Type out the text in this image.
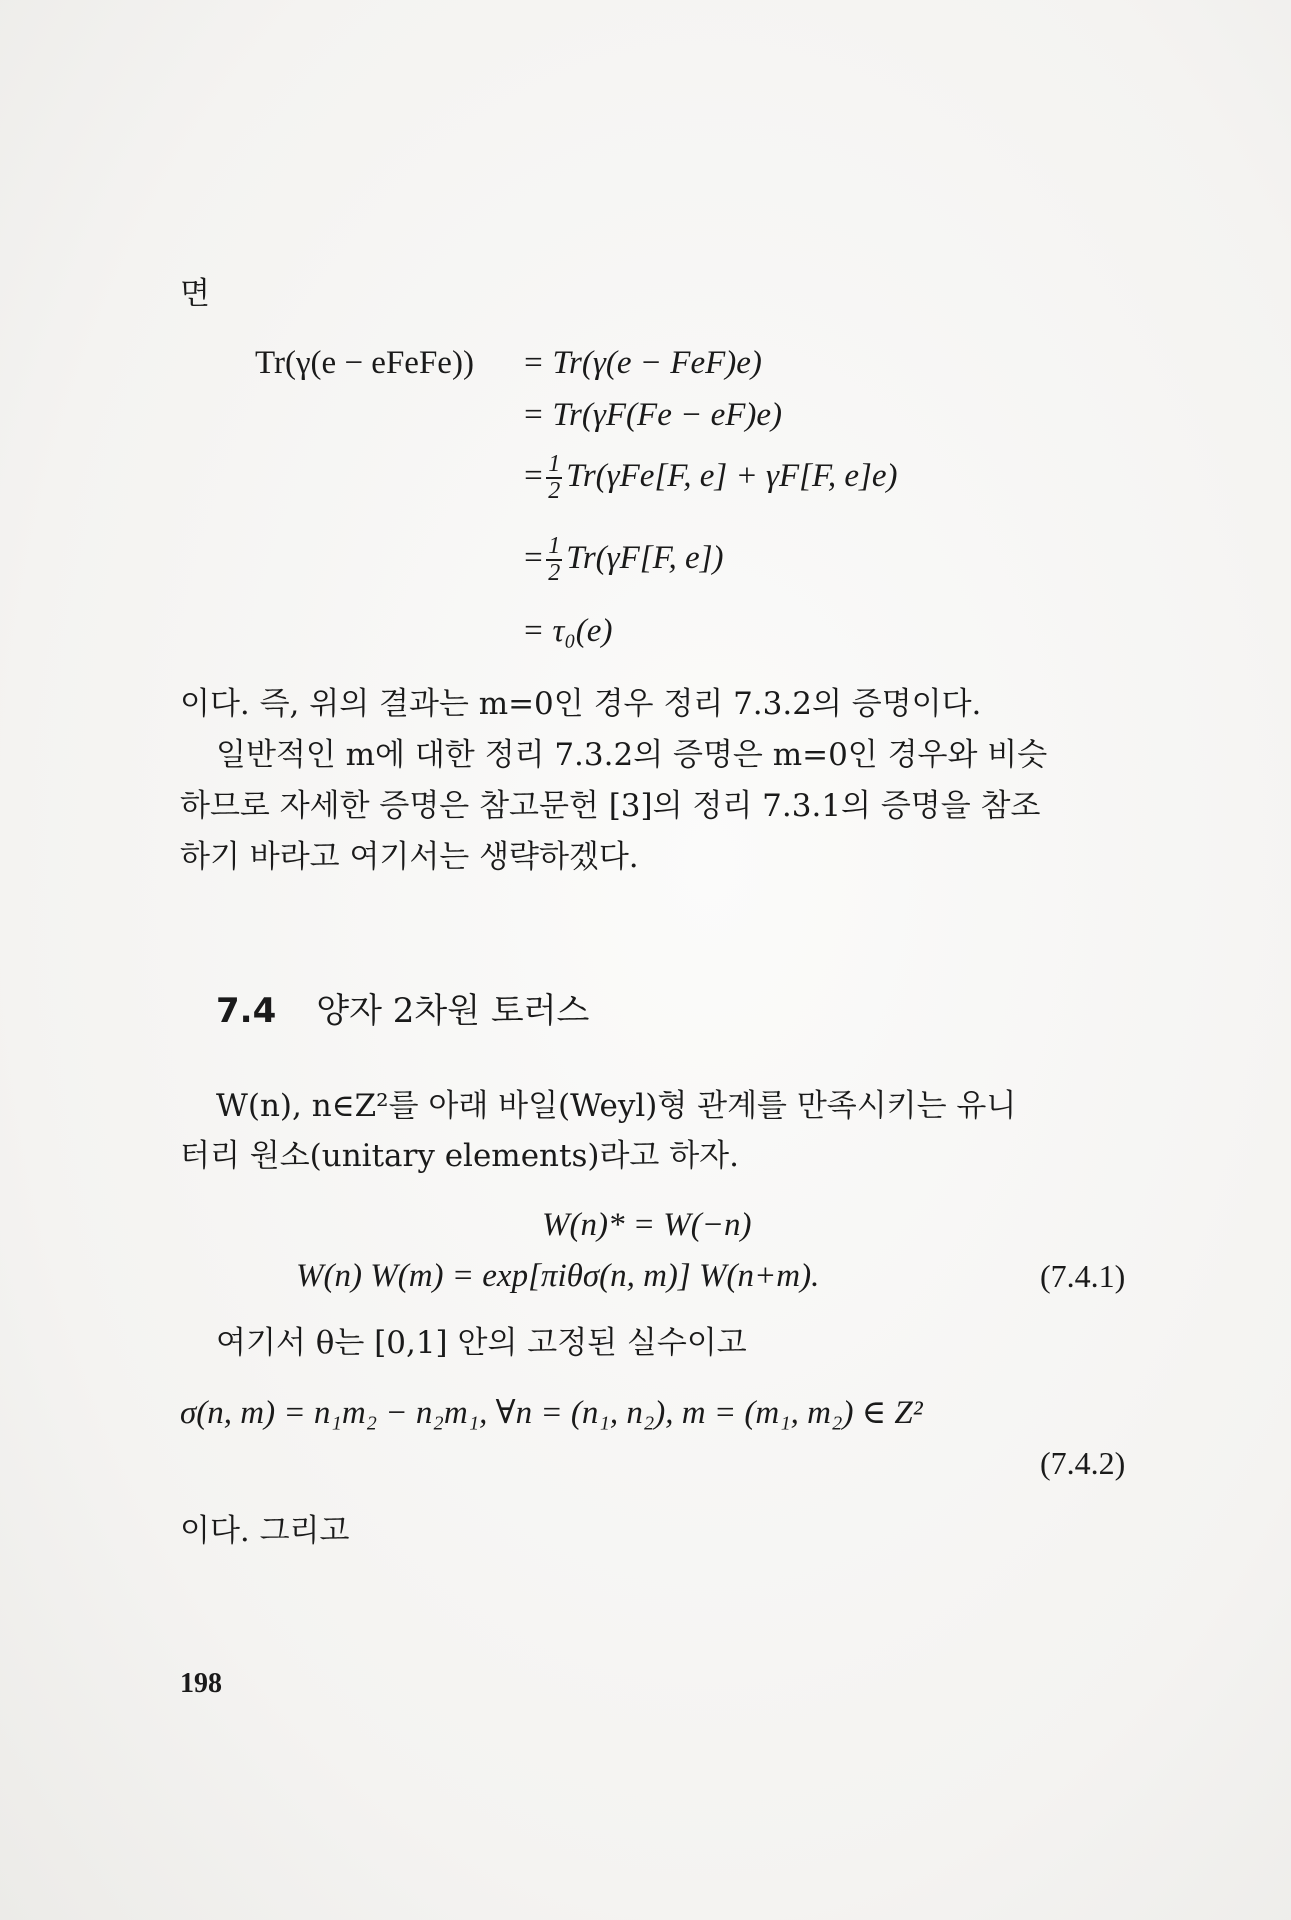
면
Tr(γ(e − eFeFe)) = Tr(γ(e − FeF)e)
= Tr(γF(Fe − eF)e)
= $\frac{1}{2} Tr(\gamma Fe[F$, e] + γF[F, e]e)
= $\frac{1}{2} Tr(\gamma F[F$, e])
= τ₀(e)
이다. 즉, 위의 결과는 m=0인 경우 정리 7.3.2의 증명이다.
일반적인 m에 대한 정리 7.3.2의 증명은 m=0인 경우와 비슷
하므로 자세한 증명은 참고문헌 [3]의 정리 7.3.1의 증명을 참조
하기 바라고 여기서는 생략하겠다.
7.4 양자 2차원 토러스
W(n), n∈Z²를 아래 바일(Weyl)형 관계를 만족시키는 유니
터리 원소(unitary elements)라고 하자.
W(n)* = W(−n)
W(n) W(m) = exp[πiθσ(n, m)] W(n+m).	(7.4.1)
여기서 θ는 [0,1] 안의 고정된 실수이고
σ(n, m) = n₁m₂ − n₂m₁, ∀n = (n₁, n₂), m = (m₁, m₂) ∈ Z²
(7.4.2)
이다. 그리고
198
